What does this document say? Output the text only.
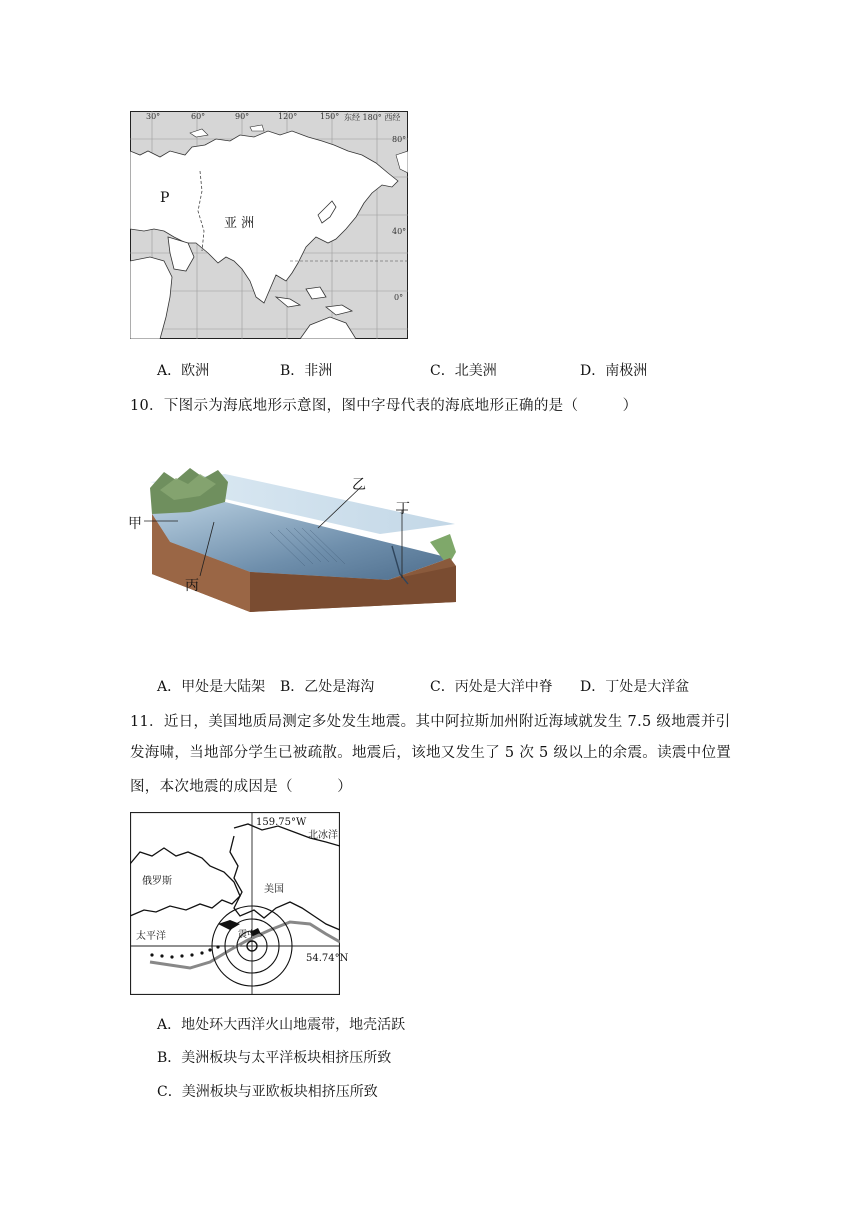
30°	60°	90°	120°	150° 东经 180° 西经
80°
40°
0°
P
亚 洲
A．欧洲	B．非洲	C．北美洲	D．南极洲
10．下图示为海底地形示意图，图中字母代表的海底地形正确的是（　　　）
甲
乙
丙
丁
A．甲处是大陆架 B．乙处是海沟	C．丙处是大洋中脊 D．丁处是大洋盆
11．近日，美国地质局测定多处发生地震。其中阿拉斯加州附近海域就发生 7.5 级地震并引
发海啸，当地部分学生已被疏散。地震后，该地又发生了 5 次 5 级以上的余震。读震中位置
图，本次地震的成因是（　　　）
159.75°W
北冰洋
俄罗斯
美国
太平洋	震中
54.74°N
A．地处环大西洋火山地震带，地壳活跃
B．美洲板块与太平洋板块相挤压所致
C．美洲板块与亚欧板块相挤压所致
